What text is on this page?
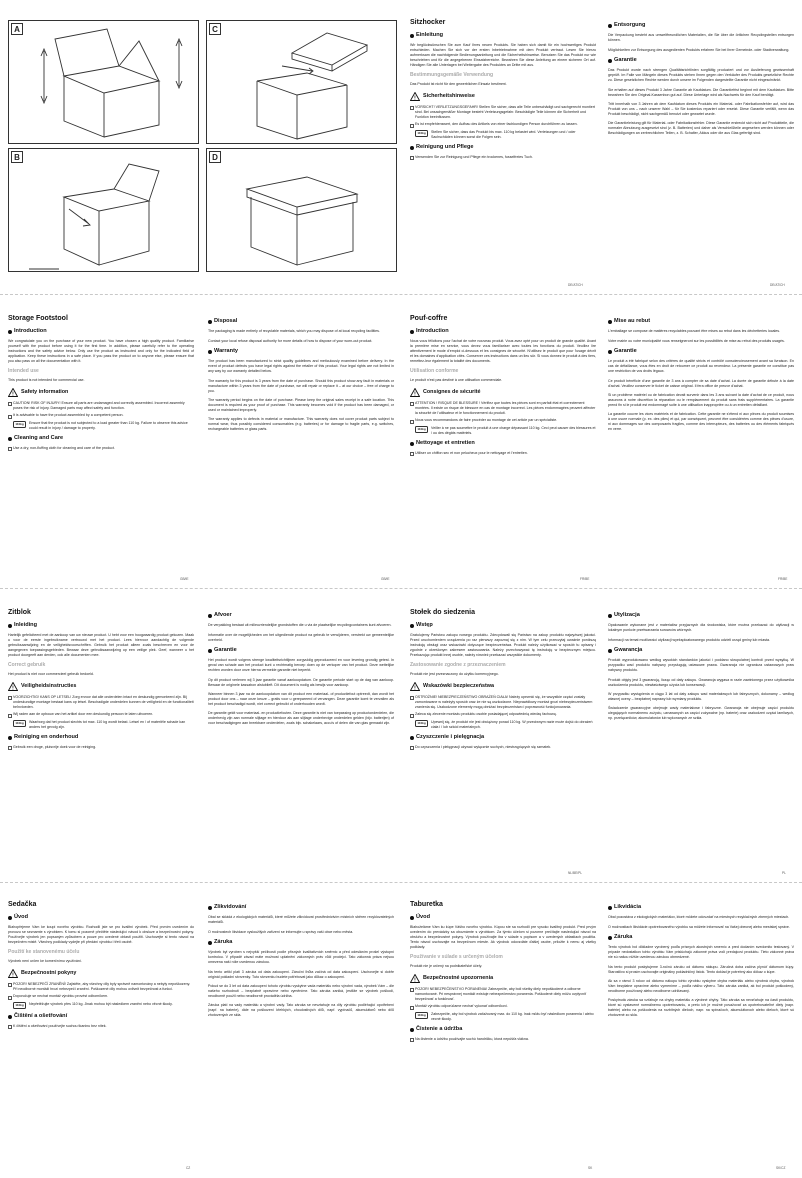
A	C
B	D
Sitzhocker
Einleitung

Wir beglückwünschen Sie zum Kauf Ihres neuen Produkts. Sie haben sich damit für ein hochwertiges Produkt entschieden. Machen Sie sich vor der ersten Inbetriebnahme mit dem Produkt vertraut. Lesen Sie hierzu aufmerksam die nachfolgende Bedienungsanleitung und die Sicherheitshinweise. Benutzen Sie das Produkt nur wie beschrieben und für die angegebenen Einsatzbereiche. Bewahren Sie diese Anleitung an einem sicheren Ort auf. Händigen Sie alle Unterlagen bei Weitergabe des Produktes an Dritte mit aus.

Bestimmungsgemäße Verwendung

Das Produkt ist nicht für den gewerblichen Einsatz bestimmt.

! Sicherheitshinweise
VORSICHT! VERLETZUNGSGEFAHR! Stellen Sie sicher, dass alle Teile unbeschädigt und sachgerecht montiert sind. Bei unsachgemäßer Montage besteht Verletzungsgefahr. Beschädigte Teile können die Sicherheit und Funktion beeinflussen.
Es ist empfehlenswert, den Aufbau des Artikels von einer fachkundigen Person durchführen zu lassen.
110kg	Stellen Sie sicher, dass das Produkt bis max. 110 kg belastet wird. Verletzungen und / oder Sachschäden können sonst die Folgen sein.
Reinigung und Pflege
Verwenden Sie zur Reinigung und Pflege ein trockenes, fusselfreies Tuch.
Entsorgung

Die Verpackung besteht aus umweltfreundlichen Materialien, die Sie über die örtlichen Recyclingstellen entsorgen können.

Möglichkeiten zur Entsorgung des ausgedienten Produkts erfahren Sie bei Ihrer Gemeinde- oder Stadtverwaltung.

Garantie

Das Produkt wurde nach strengen Qualitätsrichtlinien sorgfältig produziert und vor Auslieferung gewissenhaft geprüft. Im Falle von Mängeln dieses Produkts stehen Ihnen gegen den Verkäufer des Produkts gesetzliche Rechte zu. Diese gesetzlichen Rechte werden durch unsere im Folgenden dargestellte Garantie nicht eingeschränkt.

Sie erhalten auf dieses Produkt 3 Jahre Garantie ab Kaufdatum. Die Garantiefrist beginnt mit dem Kaufdatum. Bitte bewahren Sie den Original-Kassenbon gut auf. Diese Unterlage wird als Nachweis für den Kauf benötigt.

Tritt innerhalb von 3 Jahren ab dem Kaufdatum dieses Produkts ein Material- oder Fabrikationsfehler auf, wird das Produkt von uns – nach unserer Wahl – für Sie kostenlos repariert oder ersetzt. Diese Garantie verfällt, wenn das Produkt beschädigt, nicht sachgemäß benutzt oder gewartet wurde.

Die Garantieleistung gilt für Material- oder Fabrikationsfehler. Diese Garantie erstreckt sich nicht auf Produktteile, die normaler Abnutzung ausgesetzt sind (z. B. Batterien) und daher als Verschleißteile angesehen werden können oder Beschädigungen an zerbrechlichen Teilen, z. B. Schalter, Akkus oder die aus Glas gefertigt sind.

DE/AT/CH	DE/AT/CH
Storage Footstool
Introduction

We congratulate you on the purchase of your new product. You have chosen a high quality product. Familiarise yourself with the product before using it for the first time. In addition, please carefully refer to the operating instructions and the safety advice below. Only use the product as instructed and only for the indicated field of application. Keep these instructions in a safe place. If you pass the product on to anyone else, please ensure that you also pass on all the documentation with it.

Intended use

This product is not intended for commercial use.

! Safety information
CAUTION! RISK OF INJURY! Ensure all parts are undamaged and correctly assembled. Incorrect assembly poses the risk of injury. Damaged parts may affect safety and function.
It is advisable to have the product assembled by a competent person.
110kg	Ensure that the product is not subjected to a load greater than 110 kg. Failure to observe this advice could result in injury / damage to property.
Cleaning and Care
Use a dry, non-fluffing cloth for cleaning and care of the product.
Disposal

The packaging is made entirely of recyclable materials, which you may dispose of at local recycling facilities.

Contact your local refuse disposal authority for more details of how to dispose of your worn-out product.

Warranty

The product has been manufactured to strict quality guidelines and meticulously examined before delivery. In the event of product defects you have legal rights against the retailer of this product. Your legal rights are not limited in any way by our warranty detailed below.

The warranty for this product is 3 years from the date of purchase. Should this product show any fault in materials or manufacture within 3 years from the date of purchase, we will repair or replace it – at our choice – free of charge to you.

The warranty period begins on the date of purchase. Please keep the original sales receipt in a safe location. This document is required as your proof of purchase. This warranty becomes void if the product has been damaged, or used or maintained improperly.

The warranty applies to defects in material or manufacture. This warranty does not cover product parts subject to normal wear, thus possibly considered consumables (e.g. batteries) or for damage to fragile parts, e.g. switches, rechargeable batteries or glass parts.

Pouf-coffre
Introduction

Nous vous félicitons pour l'achat de votre nouveau produit. Vous avez opté pour un produit de grande qualité. Avant la première mise en service, vous devez vous familiariser avec toutes les fonctions du produit. Veuillez lire attentivement le mode d'emploi ci-dessous et les consignes de sécurité. N'utilisez le produit que pour l'usage décrit et les domaines d'application cités. Conserver ces instructions dans un lieu sûr. Si vous donnez le produit à des tiers, remettez-leur également la totalité des documents.

Utilisation conforme

Le produit n'est pas destiné à une utilisation commerciale.

! Consignes de sécurité
ATTENTION ! RISQUE DE BLESSURE ! Vérifiez que toutes les pièces sont en parfait état et correctement montées. Il existe un risque de blessure en cas de montage incorrect. Les pièces endommagées peuvent affecter la sécurité de l'utilisateur et le fonctionnement du produit.
Nous vous recommandons de faire procéder au montage de cet article par un spécialiste.
110kg	Veiller à ne pas soumettre le produit à une charge dépassant 110 kg. Ceci peut causer des blessures et / ou des dégâts matériels.
Nettoyage et entretien
Utiliser un chiffon sec et non pelucheux pour le nettoyage et l'entretien.
Mise au rebut

L'emballage se compose de matières recyclables pouvant être mises au rebut dans les déchetteries locales.

Votre mairie ou votre municipalité vous renseigneront sur les possibilités de mise au rebut des produits usagés.

Garantie

Le produit a été fabriqué selon des critères de qualité stricts et contrôlé consciencieusement avant sa livraison. En cas de défaillance, vous êtes en droit de retourner ce produit au revendeur. La présente garantie ne constitue pas une restriction de vos droits légaux.

Ce produit bénéficie d'une garantie de 3 ans à compter de sa date d'achat. La durée de garantie débute à la date d'achat. Veuillez conserver le ticket de caisse original. Il fera office de preuve d'achat.

Si un problème matériel ou de fabrication devait survenir dans les 3 ans suivant la date d'achat de ce produit, nous assurons à notre discrétion la réparation ou le remplacement du produit sans frais supplémentaires. La garantie prend fin si le produit est endommagé suite à une utilisation inappropriée ou à un entretien défaillant.

La garantie couvre les vices matériels et de fabrication. Cette garantie ne s'étend ni aux pièces du produit soumises à une usure normale (p. ex. des piles) et qui, par conséquent, peuvent être considérées comme des pièces d'usure, ni aux dommages sur des composants fragiles, comme des interrupteurs, des batteries ou des éléments fabriqués en verre.

GB/IE	GB/IE	FR/BE	FR/BE
Zitblok
Inleiding

Hartelijk gefeliciteerd met de aankoop van uw nieuwe product. U hebt voor een hoogwaardig product gekozen. Maak u voor de eerste ingebruikname vertrouwd met het product. Lees hiervoor aandachtig de volgende gebruiksaanwijzing en de veiligheidsvoorschriften. Gebruik het product alleen zoals beschreven en voor de aangegeven toepassingsgebieden. Bewaar deze gebruiksaanwijzing op een veilige plek. Geef, wanneer u het product doorgeeft aan derden, ook alle documenten mee.

Correct gebruik

Het product is niet voor commercieel gebruik bedoeld.

! Veiligheidsinstructies
VOORZICHTIG! KANS OP LETSEL! Zorg ervoor dat alle onderdelen intact en deskundig gemonteerd zijn. Bij ondeskundige montage bestaat kans op letsel. Beschadigde onderdelen kunnen de veiligheid en de functionaliteit beïnvloeden.
Wij raden aan de opbouw van het artikel door een deskundig persoon te laten uitvoeren.
110kg	Waarborg dat het product slechts tot max. 110 kg wordt belast. Letsel en / of materiële schade kan anders het gevolg zijn.
Reiniging en onderhoud
Gebruik een droge, pluisvrije doek voor de reiniging.
Afvoer

De verpakking bestaat uit milieuvriendelijke grondstoffen die u via de plaatselijke recyclingcontainers kunt afvoeren.

Informatie over de mogelijkheden om het uitgediende product na gebruik te verwijderen, verstrekt uw gemeentelijke overheid.

Garantie

Het product wordt volgens strenge kwaliteitsrichtlijnen zorgvuldig geproduceerd en voor levering grondig getest. In geval van schade aan het product kunt u rechtmatig beroep doen op de verkoper van het product. Deze wettelijke rechten worden door onze hierna vermelde garantie niet beperkt.

Op dit product verlenen wij 3 jaar garantie vanaf aankoopdatum. De garantie periode start op de dag van aankoop. Bewaar de originele kassabon alstublieft. Dit document is nodig als bewijs voor aankoop.

Wanneer binnen 3 jaar na de aankoopdatum van dit product een materiaal- of productiefout optreedt, dan wordt het product door ons – naar onze keuze – gratis voor u gerepareerd of vervangen. Deze garantie komt te vervallen als het product beschadigd wordt, niet correct gebruikt of onderhouden wordt.

De garantie geldt voor materiaal- en productiefouten. Deze garantie is niet van toepassing op productonderdelen, die onderhevig zijn aan normale slijtage en hierdoor als aan slijtage onderhevige onderdelen gelden (bijv. batterijen) of voor beschadigingen aan breekbare onderdelen, zoals bijv. schakelaars, accu's of delen die van glas gemaakt zijn.

Stołek do siedzenia
Wstęp

Gratulujemy Państwu zakupu nowego produktu. Zdecydowali się Państwo na zakup produktu najwyższej jakości. Przed uruchomieniem urządzenia po raz pierwszy zapoznaj się z nim. W tym celu przeczytaj uważnie poniższą instrukcję obsługi oraz wskazówki dotyczące bezpieczeństwa. Produkt należy użytkować w sposób tu opisany i zgodnie z określonym zakresem zastosowania. Należy przechowywać tę instrukcję w bezpiecznym miejscu. Przekazując produkt innej osobie, należy również przekazać wszystkie dokumenty.

Zastosowanie zgodne z przeznaczeniem

Produkt nie jest przeznaczony do użytku komercyjnego.

! Wskazówki bezpieczeństwa
OSTROŻNIE! NIEBEZPIECZEŃSTWO OBRAŻEŃ CIAŁA! Należy upewnić się, że wszystkie części zostały zamontowane w należyty sposób oraz że nie są uszkodzone. Nieprawidłowy montaż grozi niebezpieczeństwem zranienia się. Uszkodzone elementy mogą obniżać bezpieczeństwo i poprawność funkcjonowania.
Zaleca się zlecenie montażu produktu osobie posiadającej odpowiednią wiedzę fachową.
110kg	Upewnij się, że produkt nie jest obciążony ponad 110 kg. W przeciwnym razie może dojść do obrażeń ciała i / lub szkód materialnych.
Czyszczenie i pielęgnacja
Do czyszczenia i pielęgnacji używać wyłącznie suchych, niestrzępiących się szmatek.
Utylizacja

Opakowanie wykonane jest z materiałów przyjaznych dla środowiska, które można przekazać do utylizacji w lokalnym punkcie przetwarzania surowców wtórnych.

Informacji na temat możliwości utylizacji wyeksploatowanego produktu udzieli urząd gminy lub miasta.

Gwarancja

Produkt wyprodukowano według wysokich standardów jakości i poddano skrupulatnej kontroli przed wysyłką. W przypadku wad produktu nabywcy przysługują ustawowe prawa. Gwarancja nie ogranicza ustawowych praw nabywcy produktu.

Produkt objęty jest 3 gwarancją, licząc od daty zakupu. Gwarancja wygasa w razie zawinionego przez użytkownika uszkodzenia produktu, niewłaściwego użycia lub konserwacji.

W przypadku wystąpienia w ciągu 3 lat od daty zakupu wad materiałowych lub fabrycznych, dokonamy – według własnej oceny – bezpłatnej naprawy lub wymiany produktu.

Świadczenie gwarancyjne obejmuje wady materiałowe i fabryczne. Gwarancja nie obejmuje części produktu ulegających normalnemu zużyciu, uznawanych za części zużywalne (np. baterie) oraz uszkodzeń części łamliwych, np. przełączników, akumulatorów lub wykonanych ze szkła.

NL/BE/PL	PL
Sedačka
Úvod

Blahopřejeme Vám ke koupi nového výrobku. Rozhodli jste se pro kvalitní výrobek. Před prvním uvedením do provozu se seznamte s výrobkem. K tomu si pozorně přečtěte následující návod k obsluze a bezpečnostní pokyny. Používejte výrobek jen popsaným způsobem a pouze pro uvedené oblasti použití. Uschovejte si tento návod na bezpečném místě. Všechny podklady vydejte při předání výrobku i třetí osobě.

Použití ke stanovenému účelu

Výrobek není určen ke komerčnímu využívání.

! Bezpečnostní pokyny
POZOR! NEBEZPEČÍ ZRANĚNÍ! Zajistěte, aby všechny díly byly správně namontovány a nebyly nepoškozeny. Při neodborné montáži hrozí nebezpečí zranění. Poškozené díly mohou ovlivnit bezpečnost a funkci.
Doporučuje se nechat montáž výrobku provést odborníkem.
110kg	Nepřetěžujte výrobek přes 110 kg. Jinak mohou být následkem zranění nebo věcné škody.
Čištění a ošetřování
K čištění a ošetřování používejte suchou tkaninu bez nitek.
Zlikvidování

Obal se skládá z ekologických materiálů, které můžete zlikvidovat prostřednictvím místních sběren recyklovatelných materiálů.

O možnostech likvidace vysloužilých zařízení se informujte u správy vaší obce nebo města.

Záruka

Výrobek byl vyroben s nejvyšší pečlivostí podle přísných kvalitativních směrnic a před odesláním prošel výstupní kontrolou. V případě závad máte možnost uplatnění zákonných práv vůči prodejci. Tato zákonná práva nejsou omezena naší níže uvedenou zárukou.

Na tento artikl platí 3 záruka od data zakoupení. Záruční lhůta začíná od data zakoupení. Uschovejte si dobře originál pokladní stvrzenky. Tuto stvrzenku budete potřebovat jako důkaz o zakoupení.

Pokud se do 3 let od data zakoupení tohoto výrobku vyskytne vada materiálu nebo výrobní vada, výrobek Vám – dle našeho rozhodnutí – bezplatně opravíme nebo vyměníme. Tato záruka zaniká, jestliže se výrobek poškodí, neodborně použil nebo neodborně prováděla údržba.

Záruka platí na vady materiálu a výrobní vady. Tato záruka se nevztahuje na díly výrobku podléhající opotřebení (např. na baterie), dále na poškození křehkých, choulostivých dílů, např. vypínačů, akumulátorů nebo dílů zhotovených ze skla.

Taburetka
Úvod

Blahoželáme Vám ku kúpe Vášho nového výrobku. Kúpou ste sa rozhodli pre vysoko kvalitný produkt. Pred prvým uvedením do prevádzky sa oboznámte s výrobkom. Za týmto účelom si pozorne prečítajte nasledujúci návod na obsluhu a bezpečnostné pokyny. Výrobok používajte iba v súlade s popisom a v uvedených oblastiach použitia. Tento návod uschovajte na bezpečnom mieste. Ak výrobok odovzdáte ďalšej osobe, priložte k nemu aj všetky podklady.

Používanie v súlade s určeným účelom

Produkt nie je určený na podnikateľské účely.

! Bezpečnostné upozornenia
POZOR! NEBEZPEČENSTVO PORANENIA! Zabezpečte, aby boli všetky diely nepoškodené a odborne namontované. Pri nesprávnej montáži existuje nebezpečenstvo poranenia. Poškodené diely môžu ovplyvniť bezpečnosť a funkčnosť.
Montáž výrobku odporúčame nechať vykonať odborníkovi.
110kg	Zabezpečte, aby bol výrobok zaťažovaný max. do 110 kg. Inak môžu byť následkom poranenia / alebo vecné škody.
Čistenie a údržba
Na čistenie a údržbu používajte suchú handričku, ktorá nepúšťa vlákna.
Likvidácia

Obal pozostáva z ekologických materiálov, ktoré môžete odovzdať na miestnych recyklačných zberných miestach.

O možnostiach likvidácie opotrebovaného výrobku sa môžete informovať na Vašej obecnej alebo mestskej správe.

Záruka

Tento výrobok bol dôkladne vyrobený podľa prísnych akostných smerníc a pred dodaním svedomito testovaný. V prípade nedostatkov tohto výrobku Vám prislúchajú zákonné práva voči predajcovi produktu. Tieto zákonné práva nie sú našou nižšie uvedenou zárukou obmedzené.

Na tento produkt poskytujeme 3-ročnú záruku od dátumu nákupu. Záručná doba začína plynúť dátumom kúpy. Starostlivo si prosím uschovajte originálny pokladničný lístok. Tento doklad je potrebný ako dôkaz o kúpe.

Ak sa v rámci 3 rokov od dátumu nákupu tohto výrobku vyskytne chyba materiálu alebo výrobná chyba, výrobok Vám bezplatne opravíme alebo vymeníme – podľa nášho výberu. Táto záruka zaniká, ak bol produkt poškodený, neodborne používaný alebo neodborne udržiavaný.

Poskytnutá záruka sa vzťahuje na chyby materiálu a výrobné chyby. Táto záruka sa nevzťahuje na časti produktu, ktoré sú vystavené normálnemu opotrebovaniu, a preto ich je možné považovať za opotrebovateľné diely (napr. batérie) alebo na poškodenia na rozbitných dieloch, napr. na spínačoch, akumulátoroch alebo dieloch, ktoré sú zhotovené zo skla.

CZ	SK	SK/CZ
